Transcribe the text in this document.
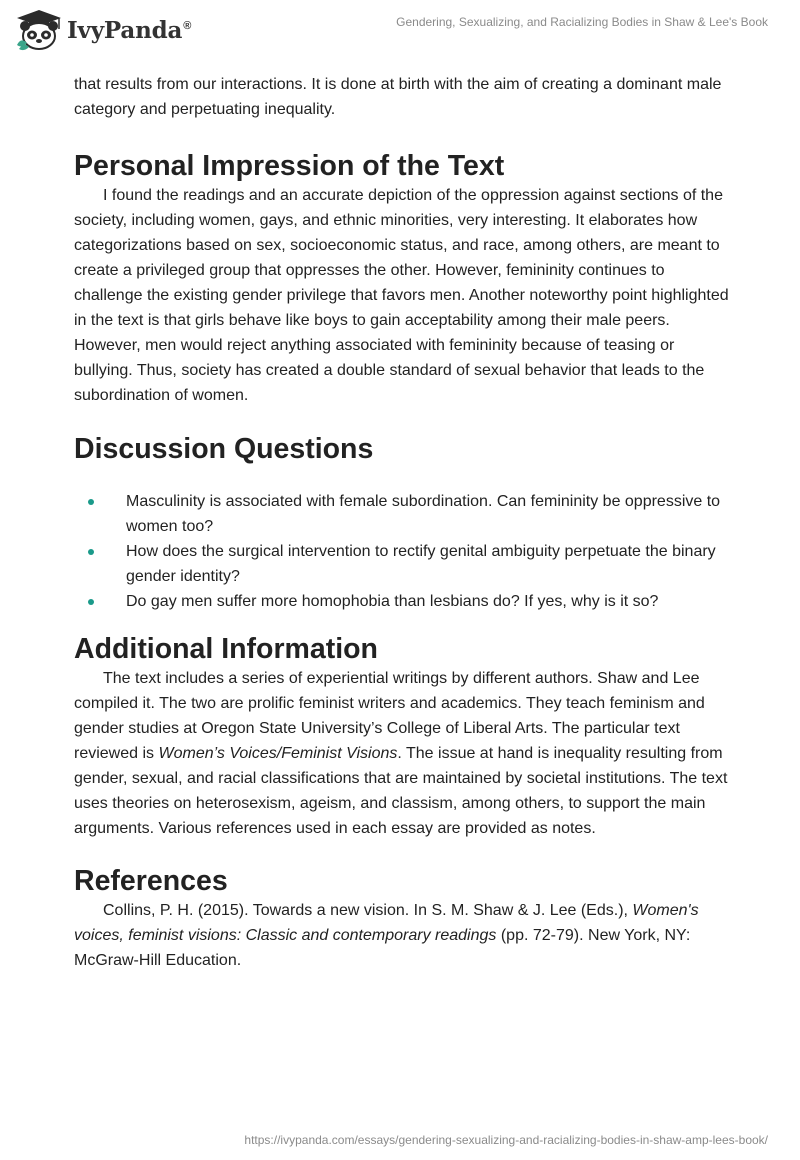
IvyPanda®	Gendering, Sexualizing, and Racializing Bodies in Shaw & Lee's Book

that results from our interactions. It is done at birth with the aim of creating a dominant male category and perpetuating inequality.

Personal Impression of the Text

I found the readings and an accurate depiction of the oppression against sections of the society, including women, gays, and ethnic minorities, very interesting. It elaborates how categorizations based on sex, socioeconomic status, and race, among others, are meant to create a privileged group that oppresses the other. However, femininity continues to challenge the existing gender privilege that favors men. Another noteworthy point highlighted in the text is that girls behave like boys to gain acceptability among their male peers. However, men would reject anything associated with femininity because of teasing or bullying. Thus, society has created a double standard of sexual behavior that leads to the subordination of women.

Discussion Questions
Masculinity is associated with female subordination. Can femininity be oppressive to women too?
How does the surgical intervention to rectify genital ambiguity perpetuate the binary gender identity?
Do gay men suffer more homophobia than lesbians do? If yes, why is it so?
Additional Information

The text includes a series of experiential writings by different authors. Shaw and Lee compiled it. The two are prolific feminist writers and academics. They teach feminism and gender studies at Oregon State University’s College of Liberal Arts. The particular text reviewed is Women’s Voices/Feminist Visions. The issue at hand is inequality resulting from gender, sexual, and racial classifications that are maintained by societal institutions. The text uses theories on heterosexism, ageism, and classism, among others, to support the main arguments. Various references used in each essay are provided as notes.

References

Collins, P. H. (2015). Towards a new vision. In S. M. Shaw & J. Lee (Eds.), Women's voices, feminist visions: Classic and contemporary readings (pp. 72-79). New York, NY: McGraw-Hill Education.

https://ivypanda.com/essays/gendering-sexualizing-and-racializing-bodies-in-shaw-amp-lees-book/
